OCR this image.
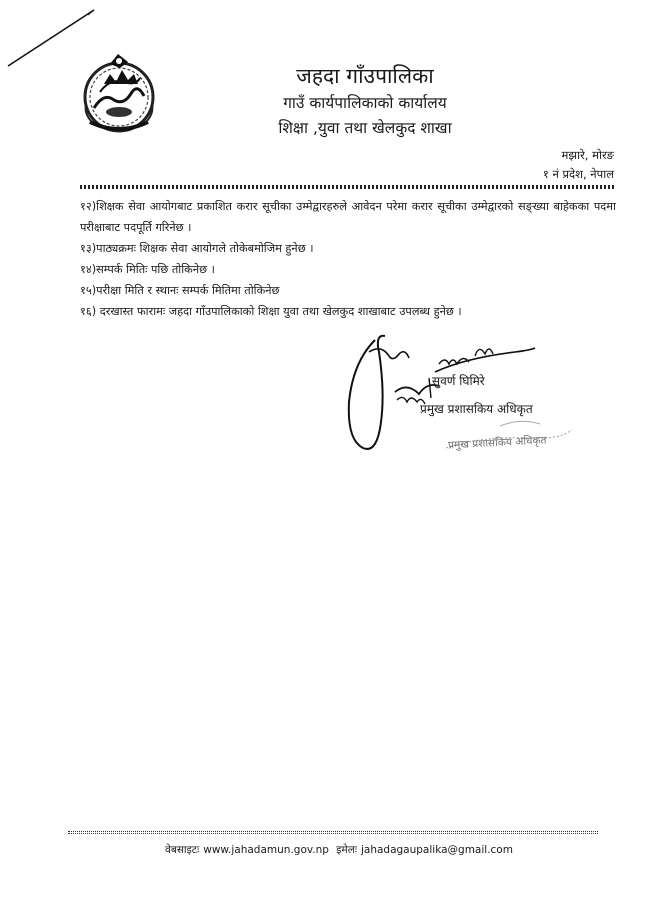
जहदा गाँउपालिका
गाउँ कार्यपालिकाको कार्यालय
शिक्षा ,युवा तथा खेलकुद शाखा
मझारे, मोरङ
१ नं प्रदेश, नेपाल
१२)शिक्षक सेवा आयोगबाट प्रकाशित करार सूचीका उम्मेद्वारहरुले आवेदन परेमा करार सूचीका उम्मेद्वारको सङ्ख्या बाहेकका पदमा परीक्षाबाट पदपूर्ति गरिनेछ ।
१३)पाठ्यक्रमः शिक्षक सेवा आयोगले तोकेबमोजिम हुनेछ ।
१४)सम्पर्क मितिः पछि तोकिनेछ ।
१५)परीक्षा मिति र स्थानः सम्पर्क मितिमा तोकिनेछ
१६) दरखास्त फारामः जहदा गाँउपालिकाको शिक्षा युवा तथा खेलकुद शाखाबाट उपलब्ध हुनेछ ।
सुवर्ण घिमिरे
प्रमुख प्रशासकिय अधिकृत
प्रमुख प्रशासकिय अधिकृत
वेबसाइटः www.jahadamun.gov.np इमेलः jahadagaupalika@gmail.com
